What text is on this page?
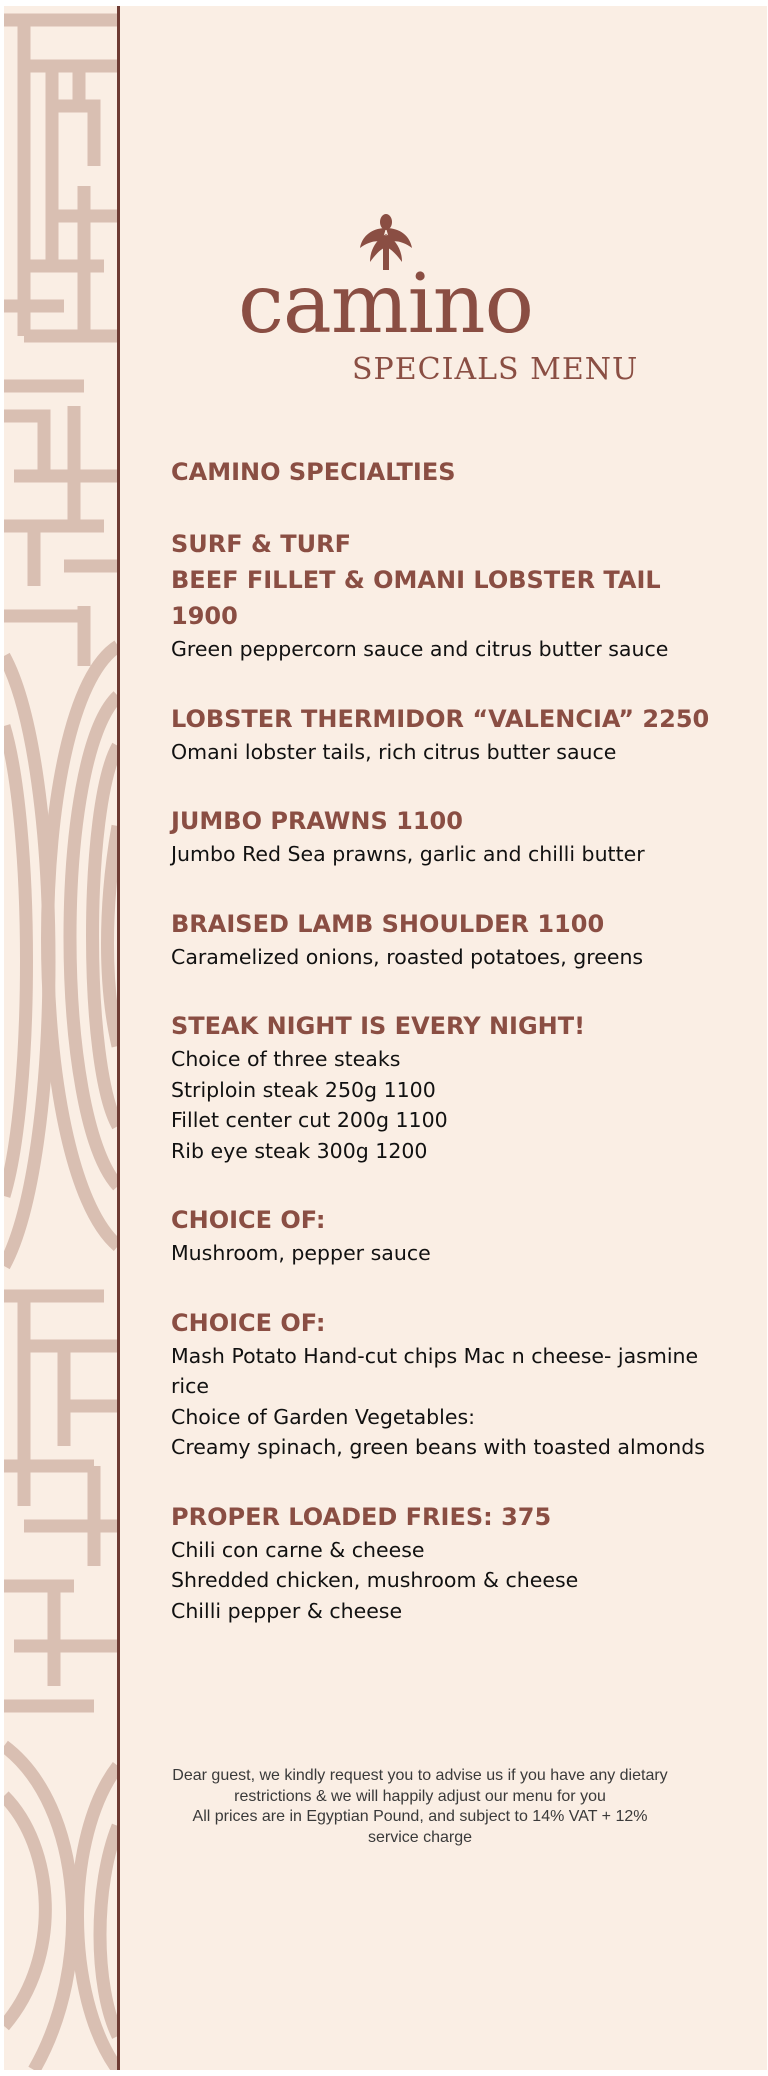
camino
SPECIALS MENU

CAMINO SPECIALTIES

SURF & TURF

BEEF FILLET & OMANI LOBSTER TAIL

1900

Green peppercorn sauce and citrus butter sauce

LOBSTER THERMIDOR “VALENCIA” 2250

Omani lobster tails, rich citrus butter sauce

JUMBO PRAWNS 1100

Jumbo Red Sea prawns, garlic and chilli butter

BRAISED LAMB SHOULDER 1100

Caramelized onions, roasted potatoes, greens

STEAK NIGHT IS EVERY NIGHT!

Choice of three steaks

Striploin steak 250g 1100

Fillet center cut 200g 1100

Rib eye steak 300g 1200

CHOICE OF:

Mushroom, pepper sauce

CHOICE OF:

Mash Potato Hand-cut chips Mac n cheese- jasmine rice

Choice of Garden Vegetables:

Creamy spinach, green beans with toasted almonds

PROPER LOADED FRIES: 375

Chili con carne & cheese

Shredded chicken, mushroom & cheese

Chilli pepper & cheese

Dear guest, we kindly request you to advise us if you have any dietary
restrictions & we will happily adjust our menu for you
All prices are in Egyptian Pound, and subject to 14% VAT + 12%
service charge
